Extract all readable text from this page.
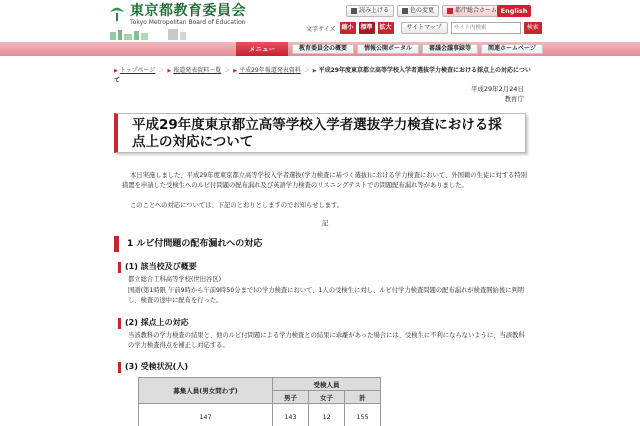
東京都教育委員会
Tokyo Metropolitan Board of Education
読み上げる	色の変更	都庁総合ホーム English
文字サイズ 縮小	標準	拡大	サイトマップ
サイト内検索	検索
メニュー	教育委員会の概要	情報公開ポータル	審議会議事録等	関連ホームページ
▶ トップページ ＞ ▶ 報道発表資料一覧 ＞ ▶ 平成29年報道発表資料 ＞ ▶ 平成29年度東京都立高等学校入学者選抜学力検査における採点上の対応について
平成29年2月24日
教育庁
平成29年度東京都立高等学校入学者選抜学力検査における採点上の対応について
本日実施しました、平成29年度東京都立高等学校入学者選抜(学力検査に基づく選抜)における学力検査において、外国籍の生徒に対する特別措置を申請した受検生へのルビ付問題の配布漏れ及び英語学力検査のリスニングテストでの問題配布漏れ等がありました。
このことへの対応については、下記のとおりとしますのでお知らせします。
記
1 ルビ付問題の配布漏れへの対応
(1) 該当校及び概要
都立総合工科高等学校(世田谷区)
国語(第1時限 午前9時から午前9時50分まで)の学力検査において、1人の受検生に対し、ルビ付学力検査問題の配布漏れが検査開始後に判明し、検査の途中に配布を行った。
(2) 採点上の対応
当該教科の学力検査の結果と、他のルビ付問題による学力検査との結果に乖離があった場合には、受検生に不利にならないように、当該教科の学力検査得点を補正し対応する。
(3) 受検状況(人)
募集人員(男女問わず)	受検人員		
	男子	女子	計
147	143	12	155
